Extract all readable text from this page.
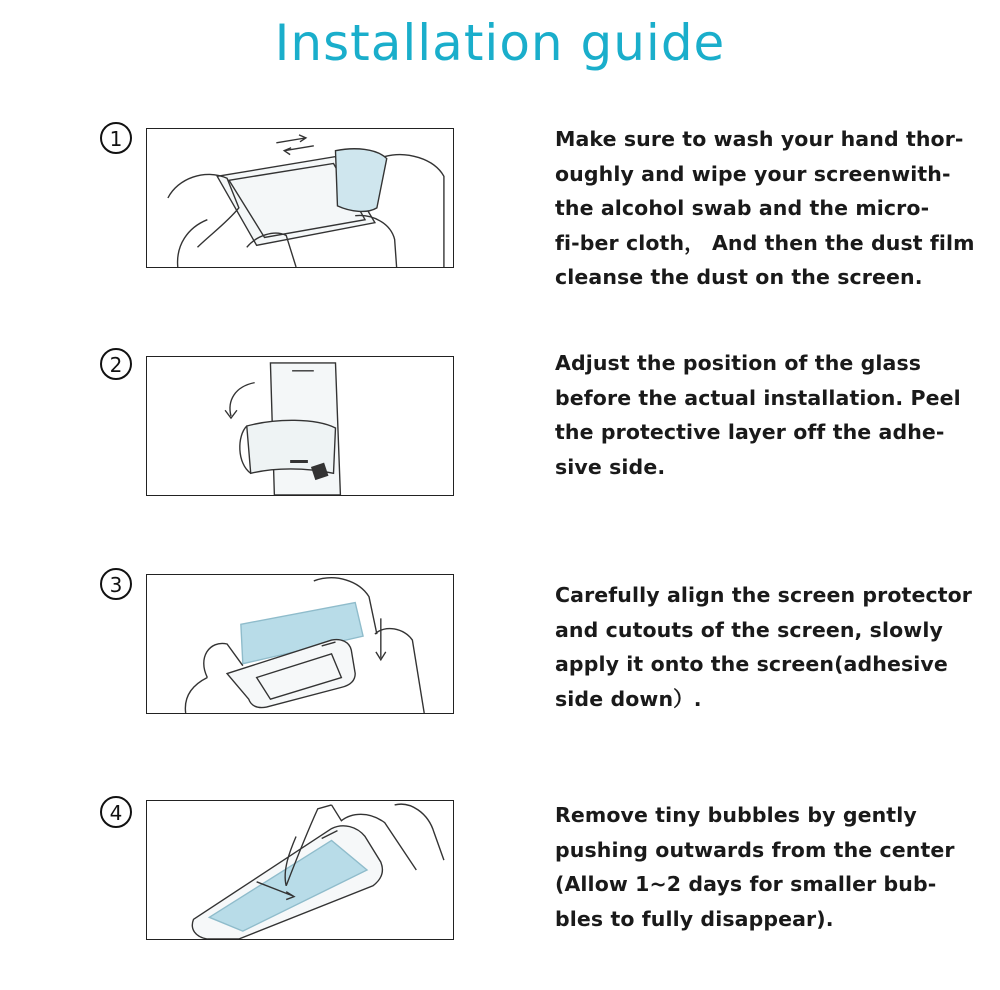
Installation guide
1	Make sure to wash your hand thor-
oughly and wipe your screenwith-
the alcohol swab and the micro-
fi-ber cloth， And then the dust film
cleanse the dust on the screen.
2	Adjust the position of the glass
before the actual installation. Peel
the protective layer off the adhe-
sive side.
3	Carefully align the screen protector
and cutouts of the screen, slowly
apply it onto the screen(adhesive
side down）.
4	Remove tiny bubbles by gently
pushing outwards from the center
(Allow 1~2 days for smaller bub-
bles to fully disappear).
